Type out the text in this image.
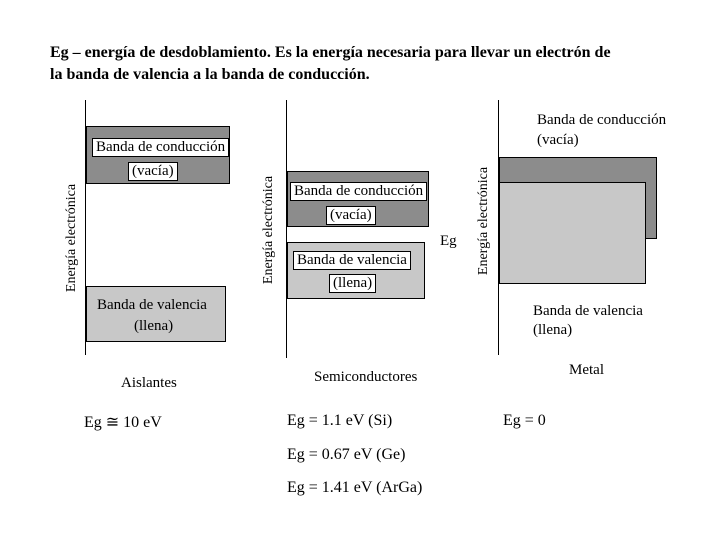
Eg – energía de desdoblamiento. Es la energía necesaria para llevar un electrón de
la banda de valencia a la banda de conducción.
Energía electrónica
Banda de conducción
(vacía)
Banda de valencia
(llena)
Aislantes
Eg ≅ 10 eV
Energía electrónica Banda de conducción
(vacía)
Banda de valencia
(llena)
Eg
Semiconductores
Eg = 1.1 eV (Si)
Eg = 0.67 eV (Ge)
Eg = 1.41 eV (ArGa)
Energía electrónica
Banda de conducción
(vacía)
Banda de valencia
(llena)
Metal
Eg = 0
